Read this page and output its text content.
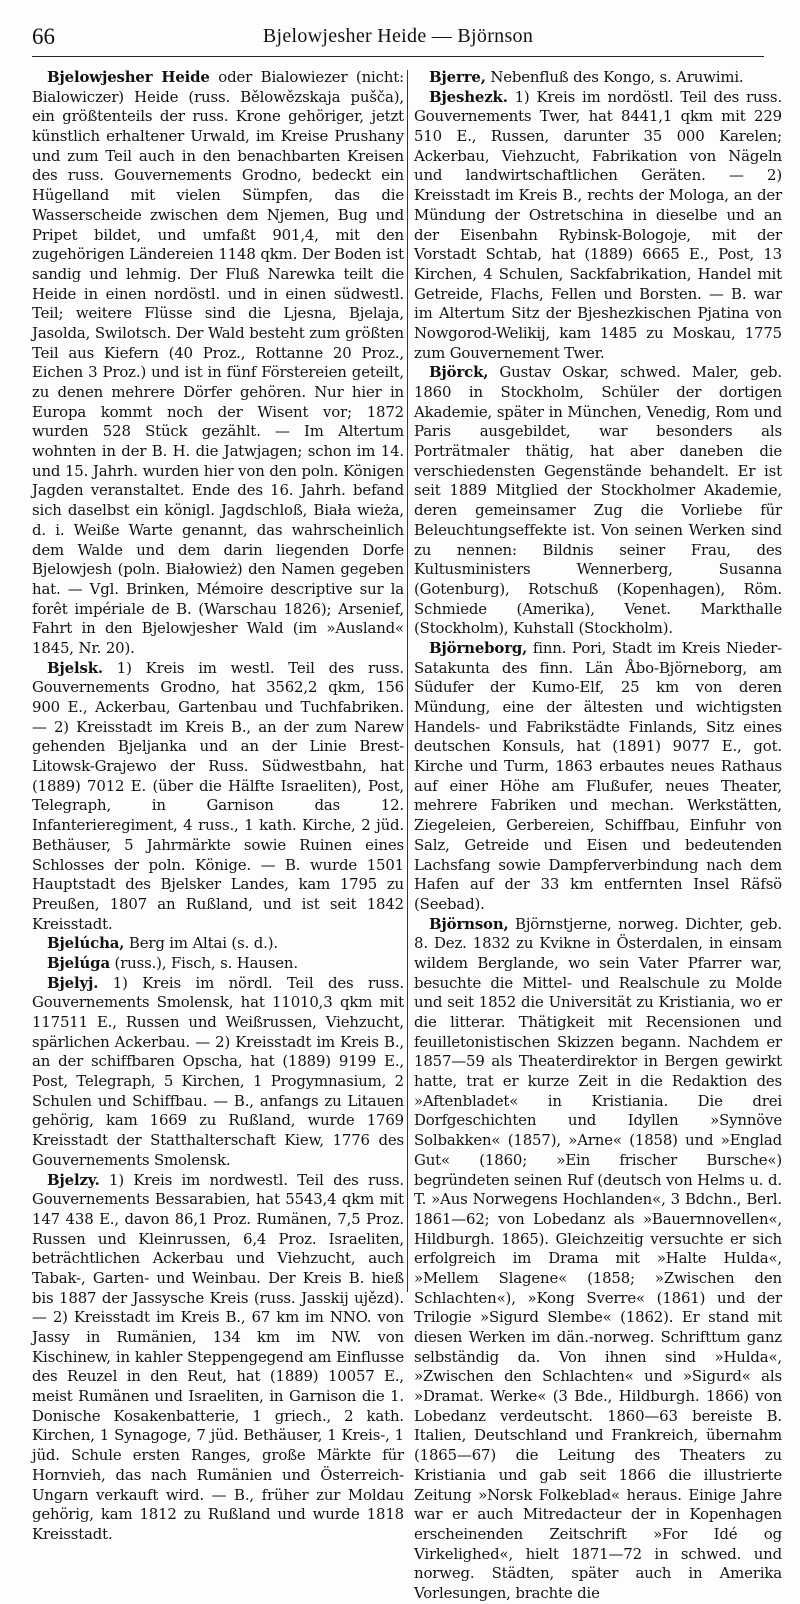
66	Bjelowjesher Heide — Björnson

Bjelowjesher Heide oder Bialowiezer (nicht: Bialowiczer) Heide (russ. Bělowězskaja pušča), ein größtenteils der russ. Krone gehöriger, jetzt künstlich erhaltener Urwald, im Kreise Prushany und zum Teil auch in den benachbarten Kreisen des russ. Gouvernements Grodno, bedeckt ein Hügelland mit vielen Sümpfen, das die Wasserscheide zwischen dem Njemen, Bug und Pripet bildet, und umfaßt 901,4, mit den zugehörigen Ländereien 1148 qkm. Der Boden ist sandig und lehmig. Der Fluß Narewka teilt die Heide in einen nordöstl. und in einen südwestl. Teil; weitere Flüsse sind die Ljesna, Bjelaja, Jasolda, Swilotsch. Der Wald besteht zum größten Teil aus Kiefern (40 Proz., Rottanne 20 Proz., Eichen 3 Proz.) und ist in fünf Förstereien geteilt, zu denen mehrere Dörfer gehören. Nur hier in Europa kommt noch der Wisent vor; 1872 wurden 528 Stück gezählt. — Im Altertum wohnten in der B. H. die Jatwjagen; schon im 14. und 15. Jahrh. wurden hier von den poln. Königen Jagden veranstaltet. Ende des 16. Jahrh. befand sich daselbst ein königl. Jagdschloß, Biała wieża, d. i. Weiße Warte genannt, das wahrscheinlich dem Walde und dem darin liegenden Dorfe Bjelowjesh (poln. Białowież) den Namen gegeben hat. — Vgl. Brinken, Mémoire descriptive sur la forêt impériale de B. (Warschau 1826); Arsenief, Fahrt in den Bjelowjesher Wald (im »Ausland« 1845, Nr. 20).

Bjelsk. 1) Kreis im westl. Teil des russ. Gouvernements Grodno, hat 3562,2 qkm, 156 900 E., Ackerbau, Gartenbau und Tuchfabriken. — 2) Kreisstadt im Kreis B., an der zum Narew gehenden Bjeljanka und an der Linie Brest-Litowsk-Grajewo der Russ. Südwestbahn, hat (1889) 7012 E. (über die Hälfte Israeliten), Post, Telegraph, in Garnison das 12. Infanterieregiment, 4 russ., 1 kath. Kirche, 2 jüd. Bethäuser, 5 Jahrmärkte sowie Ruinen eines Schlosses der poln. Könige. — B. wurde 1501 Hauptstadt des Bjelsker Landes, kam 1795 zu Preußen, 1807 an Rußland, und ist seit 1842 Kreisstadt.

Bjelúcha, Berg im Altai (s. d.).

Bjelúga (russ.), Fisch, s. Hausen.

Bjelyj. 1) Kreis im nördl. Teil des russ. Gouvernements Smolensk, hat 11010,3 qkm mit 117511 E., Russen und Weißrussen, Viehzucht, spärlichen Ackerbau. — 2) Kreisstadt im Kreis B., an der schiffbaren Opscha, hat (1889) 9199 E., Post, Telegraph, 5 Kirchen, 1 Progymnasium, 2 Schulen und Schiffbau. — B., anfangs zu Litauen gehörig, kam 1669 zu Rußland, wurde 1769 Kreisstadt der Statthalterschaft Kiew, 1776 des Gouvernements Smolensk.

Bjelzy. 1) Kreis im nordwestl. Teil des russ. Gouvernements Bessarabien, hat 5543,4 qkm mit 147 438 E., davon 86,1 Proz. Rumänen, 7,5 Proz. Russen und Kleinrussen, 6,4 Proz. Israeliten, beträchtlichen Ackerbau und Viehzucht, auch Tabak-, Garten- und Weinbau. Der Kreis B. hieß bis 1887 der Jassysche Kreis (russ. Jasskij ujězd). — 2) Kreisstadt im Kreis B., 67 km im NNO. von Jassy in Rumänien, 134 km im NW. von Kischinew, in kahler Steppengegend am Einflusse des Reuzel in den Reut, hat (1889) 10057 E., meist Rumänen und Israeliten, in Garnison die 1. Donische Kosakenbatterie, 1 griech., 2 kath. Kirchen, 1 Synagoge, 7 jüd. Bethäuser, 1 Kreis-, 1 jüd. Schule ersten Ranges, große Märkte für Hornvieh, das nach Rumänien und Österreich-Ungarn verkauft wird. — B., früher zur Moldau gehörig, kam 1812 zu Rußland und wurde 1818 Kreisstadt.

Bjerre, Nebenfluß des Kongo, s. Aruwimi.

Bjeshezk. 1) Kreis im nordöstl. Teil des russ. Gouvernements Twer, hat 8441,1 qkm mit 229 510 E., Russen, darunter 35 000 Karelen; Ackerbau, Viehzucht, Fabrikation von Nägeln und landwirtschaftlichen Geräten. — 2) Kreisstadt im Kreis B., rechts der Mologa, an der Mündung der Ostretschina in dieselbe und an der Eisenbahn Rybinsk-Bologoje, mit der Vorstadt Schtab, hat (1889) 6665 E., Post, 13 Kirchen, 4 Schulen, Sackfabrikation, Handel mit Getreide, Flachs, Fellen und Borsten. — B. war im Altertum Sitz der Bjeshezkischen Pjatina von Nowgorod-Welikij, kam 1485 zu Moskau, 1775 zum Gouvernement Twer.

Björck, Gustav Oskar, schwed. Maler, geb. 1860 in Stockholm, Schüler der dortigen Akademie, später in München, Venedig, Rom und Paris ausgebildet, war besonders als Porträtmaler thätig, hat aber daneben die verschiedensten Gegenstände behandelt. Er ist seit 1889 Mitglied der Stockholmer Akademie, deren gemeinsamer Zug die Vorliebe für Beleuchtungseffekte ist. Von seinen Werken sind zu nennen: Bildnis seiner Frau, des Kultusministers Wennerberg, Susanna (Gotenburg), Rotschuß (Kopenhagen), Röm. Schmiede (Amerika), Venet. Markthalle (Stockholm), Kuhstall (Stockholm).

Björneborg, finn. Pori, Stadt im Kreis Nieder-Satakunta des finn. Län Åbo-Björneborg, am Südufer der Kumo-Elf, 25 km von deren Mündung, eine der ältesten und wichtigsten Handels- und Fabrikstädte Finlands, Sitz eines deutschen Konsuls, hat (1891) 9077 E., got. Kirche und Turm, 1863 erbautes neues Rathaus auf einer Höhe am Flußufer, neues Theater, mehrere Fabriken und mechan. Werkstätten, Ziegeleien, Gerbereien, Schiffbau, Einfuhr von Salz, Getreide und Eisen und bedeutenden Lachsfang sowie Dampferverbindung nach dem Hafen auf der 33 km entfernten Insel Räfsö (Seebad).

Björnson, Björnstjerne, norweg. Dichter, geb. 8. Dez. 1832 zu Kvikne in Österdalen, in einsam wildem Berglande, wo sein Vater Pfarrer war, besuchte die Mittel- und Realschule zu Molde und seit 1852 die Universität zu Kristiania, wo er die litterar. Thätigkeit mit Recensionen und feuilletonistischen Skizzen begann. Nachdem er 1857—59 als Theaterdirektor in Bergen gewirkt hatte, trat er kurze Zeit in die Redaktion des »Aftenbladet« in Kristiania. Die drei Dorfgeschichten und Idyllen »Synnöve Solbakken« (1857), »Arne« (1858) und »Englad Gut« (1860; »Ein frischer Bursche«) begründeten seinen Ruf (deutsch von Helms u. d. T. »Aus Norwegens Hochlanden«, 3 Bdchn., Berl. 1861—62; von Lobedanz als »Bauernnovellen«, Hildburgh. 1865). Gleichzeitig versuchte er sich erfolgreich im Drama mit »Halte Hulda«, »Mellem Slagene« (1858; »Zwischen den Schlachten«), »Kong Sverre« (1861) und der Trilogie »Sigurd Slembe« (1862). Er stand mit diesen Werken im dän.-norweg. Schrifttum ganz selbständig da. Von ihnen sind »Hulda«, »Zwischen den Schlachten« und »Sigurd« als »Dramat. Werke« (3 Bde., Hildburgh. 1866) von Lobedanz verdeutscht. 1860—63 bereiste B. Italien, Deutschland und Frankreich, übernahm (1865—67) die Leitung des Theaters zu Kristiania und gab seit 1866 die illustrierte Zeitung »Norsk Folkeblad« heraus. Einige Jahre war er auch Mitredacteur der in Kopenhagen erscheinenden Zeitschrift »For Idé og Virkelighed«, hielt 1871—72 in schwed. und norweg. Städten, später auch in Amerika Vorlesungen, brachte die
